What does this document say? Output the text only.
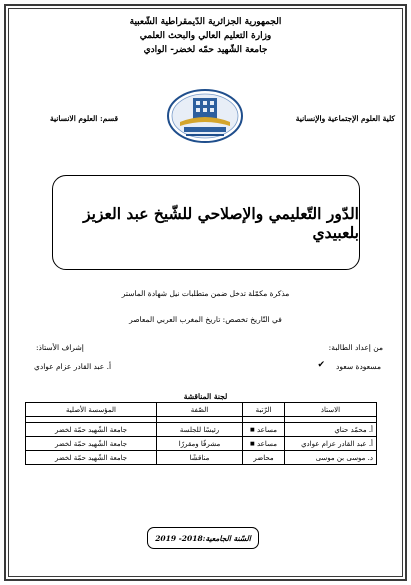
الجمهورية الجزائرية الدّيمقراطية الشّعبية
وزارة التعليم العالي والبحث العلمي
جامعة الشّهيد حمّه لخضر- الوادي
كلية العلوم الإجتماعية والإنسانية
قسم: العلوم الانسانية
الدّور التّعليمي والإصلاحي للشّيخ عبد العزيز بلعبيدي
مذكرة مكمّلة تدخل ضمن متطلبات نيل شهادة الماستر
في التّاريخ تخصص: تاريخ المغرب العربي المعاصر
من إعداد الطالبة:
مسعودة سعود
✔
إشراف الأستاذ:
أ. عبد القادر عزام عوادي
لجنة المناقشة
الاستاذ	الرّتبة	الصّفة	المؤسسة الأصلية

أ. محمّد حناي	مساعد ■	رئيسًا للجلسة	جامعة الشّهيد حمّة لخضر
أ. عبد القادر عزام عوادي	مساعد ■	مشرفًا ومقررًا	جامعة الشّهيد حمّة لخضر
د. موسى بن موسى	محاضر	مناقشًا	جامعة الشّهيد حمّة لخضر
السّنة الجامعية:2018- 2019
